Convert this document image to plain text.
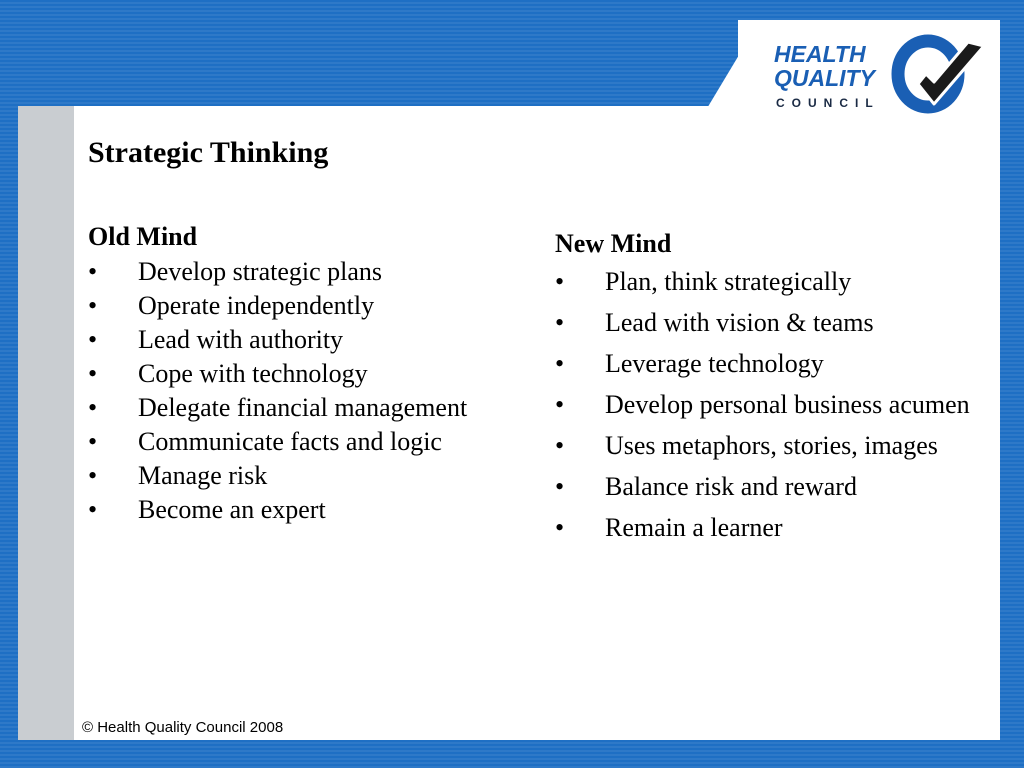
HEALTH
QUALITY
COUNCIL
Strategic Thinking
Old Mind
•	Develop strategic plans
•	Operate independently
•	Lead with authority
•	Cope with technology
•	Delegate financial management
•	Communicate facts and logic
•	Manage risk
•	Become an expert
New Mind
•	Plan, think strategically
•	Lead with vision & teams
•	Leverage technology
•	Develop personal business acumen
•	Uses metaphors, stories, images
•	Balance risk and reward
•	Remain a learner
© Health Quality Council 2008
